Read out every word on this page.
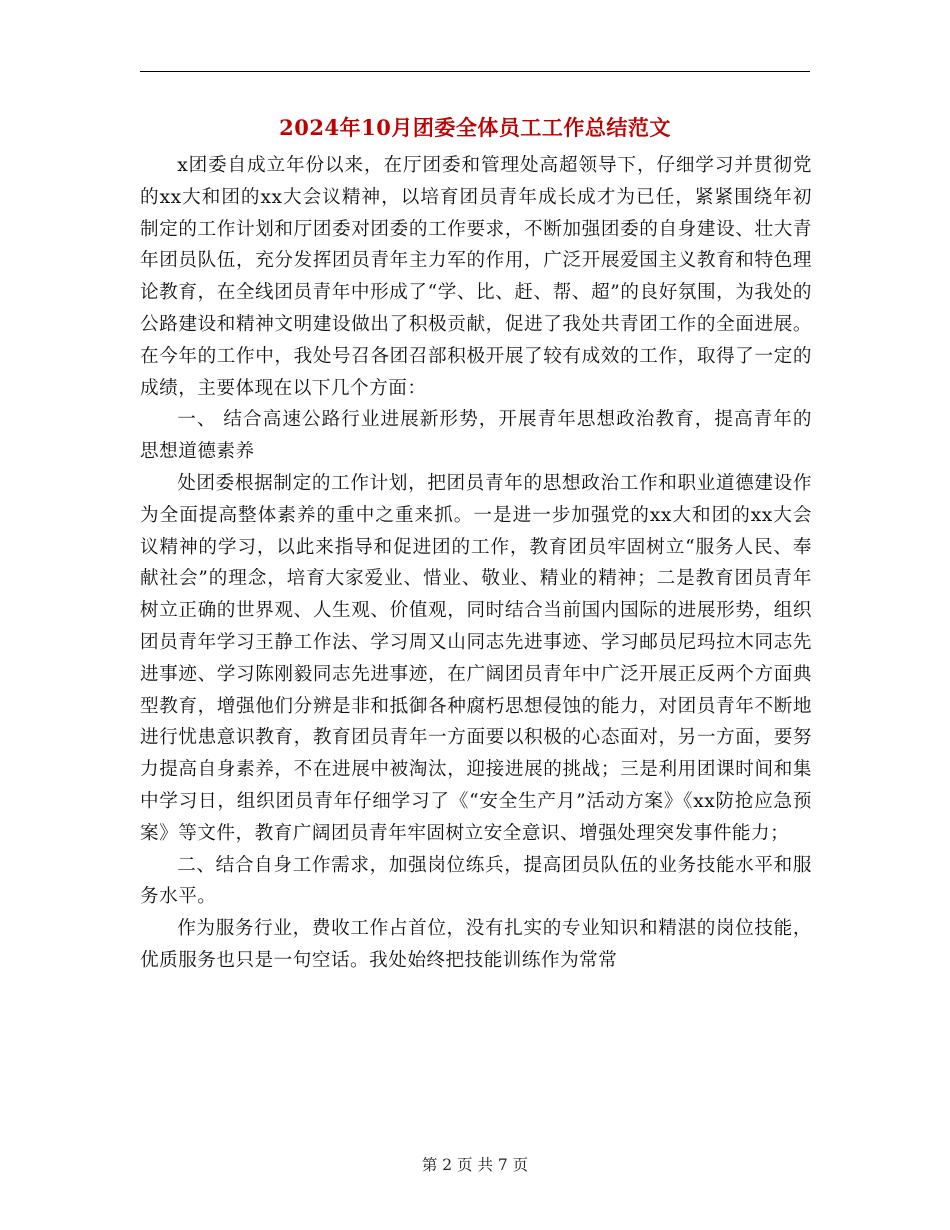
2024年10月团委全体员工工作总结范文

x团委自成立年份以来，在厅团委和管理处高超领导下，仔细学习并贯彻党的xx大和团的xx大会议精神，以培育团员青年成长成才为已任，紧紧围绕年初制定的工作计划和厅团委对团委的工作要求，不断加强团委的自身建设、壮大青年团员队伍，充分发挥团员青年主力军的作用，广泛开展爱国主义教育和特色理论教育，在全线团员青年中形成了“学、比、赶、帮、超”的良好氛围，为我处的公路建设和精神文明建设做出了积极贡献，促进了我处共青团工作的全面进展。在今年的工作中，我处号召各团召部积极开展了较有成效的工作，取得了一定的成绩，主要体现在以下几个方面：

一、 结合高速公路行业进展新形势，开展青年思想政治教育，提高青年的思想道德素养

处团委根据制定的工作计划，把团员青年的思想政治工作和职业道德建设作为全面提高整体素养的重中之重来抓。一是进一步加强党的xx大和团的xx大会议精神的学习，以此来指导和促进团的工作，教育团员牢固树立“服务人民、奉献社会”的理念，培育大家爱业、惜业、敬业、精业的精神；二是教育团员青年树立正确的世界观、人生观、价值观，同时结合当前国内国际的进展形势，组织团员青年学习王静工作法、学习周又山同志先进事迹、学习邮员尼玛拉木同志先进事迹、学习陈刚毅同志先进事迹，在广阔团员青年中广泛开展正反两个方面典型教育，增强他们分辨是非和抵御各种腐朽思想侵蚀的能力，对团员青年不断地进行忧患意识教育，教育团员青年一方面要以积极的心态面对，另一方面，要努力提高自身素养，不在进展中被淘汰，迎接进展的挑战；三是利用团课时间和集中学习日，组织团员青年仔细学习了《“安全生产月”活动方案》《xx防抢应急预案》等文件，教育广阔团员青年牢固树立安全意识、增强处理突发事件能力；

二、结合自身工作需求，加强岗位练兵，提高团员队伍的业务技能水平和服务水平。

作为服务行业，费收工作占首位，没有扎实的专业知识和精湛的岗位技能，优质服务也只是一句空话。我处始终把技能训练作为常常

第 2 页 共 7 页
